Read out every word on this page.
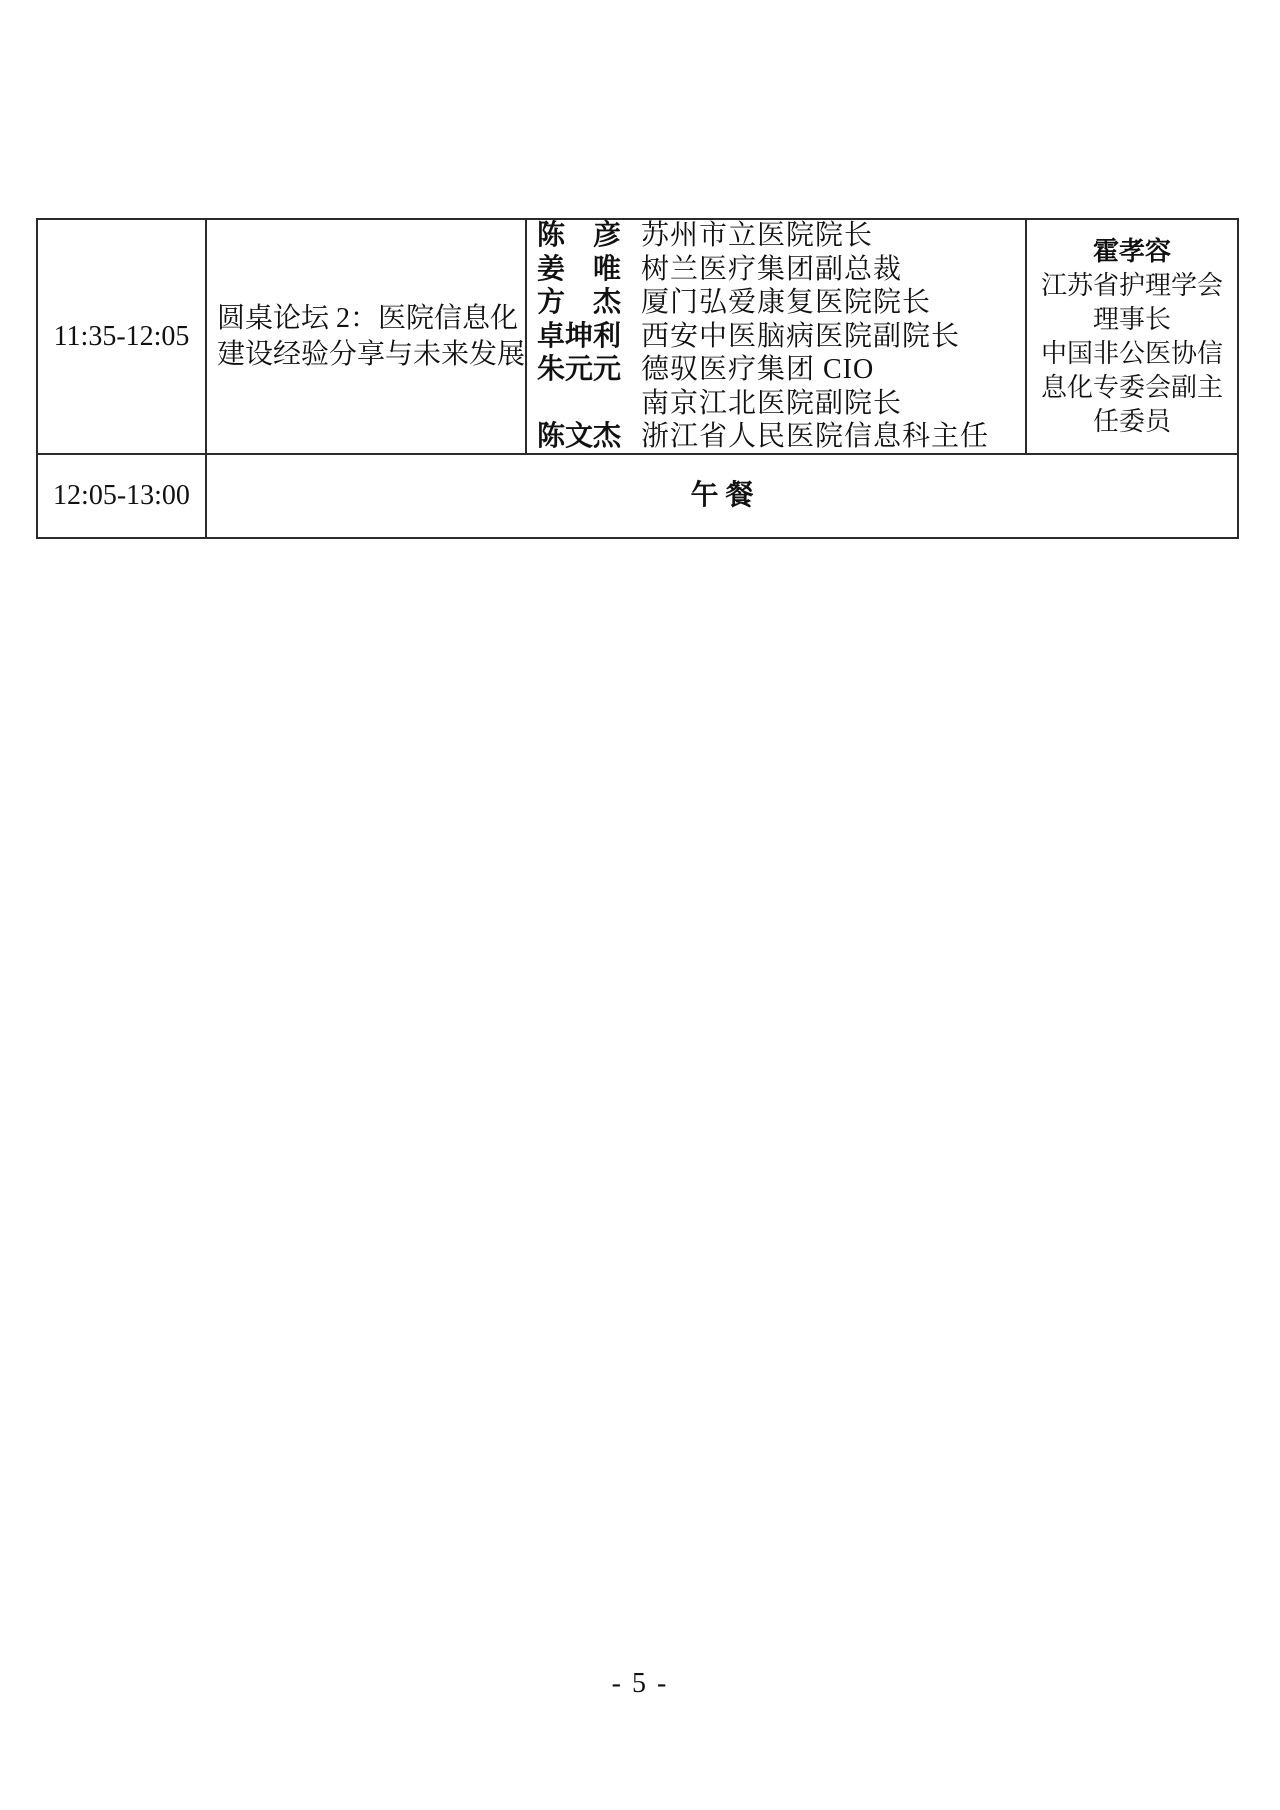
11:35-12:05
圆桌论坛 2：医院信息化
建设经验分享与未来发展
陈　彦 苏州市立医院院长
姜　唯 树兰医疗集团副总裁
方　杰 厦门弘爱康复医院院长
卓坤利 西安中医脑病医院副院长
朱元元 德驭医疗集团 CIO
南京江北医院副院长
陈文杰 浙江省人民医院信息科主任
霍孝容
江苏省护理学会
理事长
中国非公医协信
息化专委会副主
任委员
12:05-13:00	午 餐
- 5 -
